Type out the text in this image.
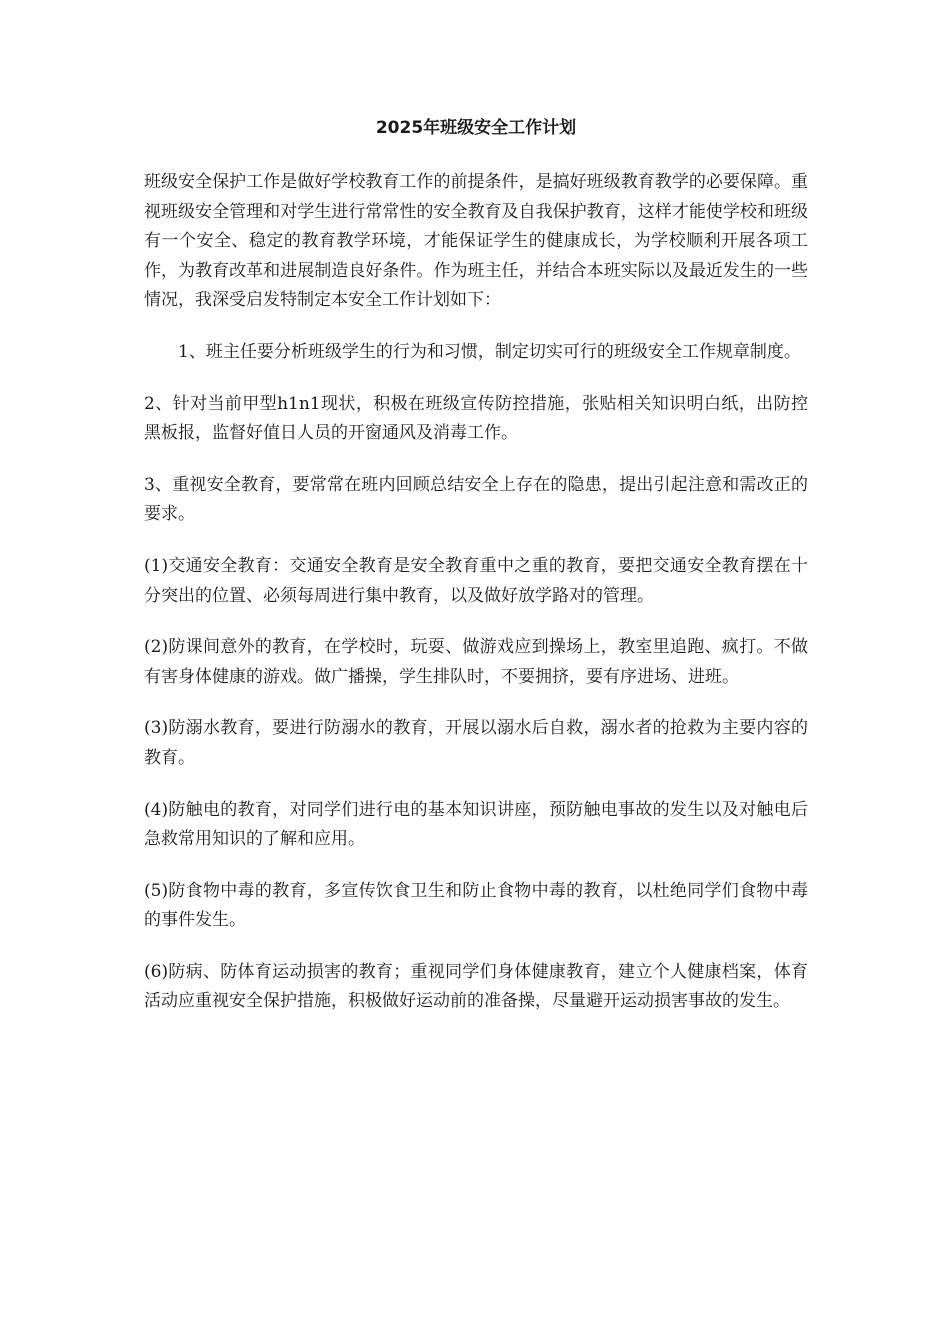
2025年班级安全工作计划

班级安全保护工作是做好学校教育工作的前提条件，是搞好班级教育教学的必要保障。重视班级安全管理和对学生进行常常性的安全教育及自我保护教育，这样才能使学校和班级有一个安全、稳定的教育教学环境，才能保证学生的健康成长，为学校顺利开展各项工作，为教育改革和进展制造良好条件。作为班主任，并结合本班实际以及最近发生的一些情况，我深受启发特制定本安全工作计划如下：

1、班主任要分析班级学生的行为和习惯，制定切实可行的班级安全工作规章制度。

2、针对当前甲型h1n1现状，积极在班级宣传防控措施，张贴相关知识明白纸，出防控黑板报，监督好值日人员的开窗通风及消毒工作。

3、重视安全教育，要常常在班内回顾总结安全上存在的隐患，提出引起注意和需改正的要求。

(1)交通安全教育：交通安全教育是安全教育重中之重的教育，要把交通安全教育摆在十分突出的位置、必须每周进行集中教育，以及做好放学路对的管理。

(2)防课间意外的教育，在学校时，玩耍、做游戏应到操场上，教室里追跑、疯打。不做有害身体健康的游戏。做广播操，学生排队时，不要拥挤，要有序进场、进班。

(3)防溺水教育，要进行防溺水的教育，开展以溺水后自救，溺水者的抢救为主要内容的教育。

(4)防触电的教育，对同学们进行电的基本知识讲座，预防触电事故的发生以及对触电后急救常用知识的了解和应用。

(5)防食物中毒的教育，多宣传饮食卫生和防止食物中毒的教育，以杜绝同学们食物中毒的事件发生。

(6)防病、防体育运动损害的教育；重视同学们身体健康教育，建立个人健康档案，体育活动应重视安全保护措施，积极做好运动前的准备操，尽量避开运动损害事故的发生。
